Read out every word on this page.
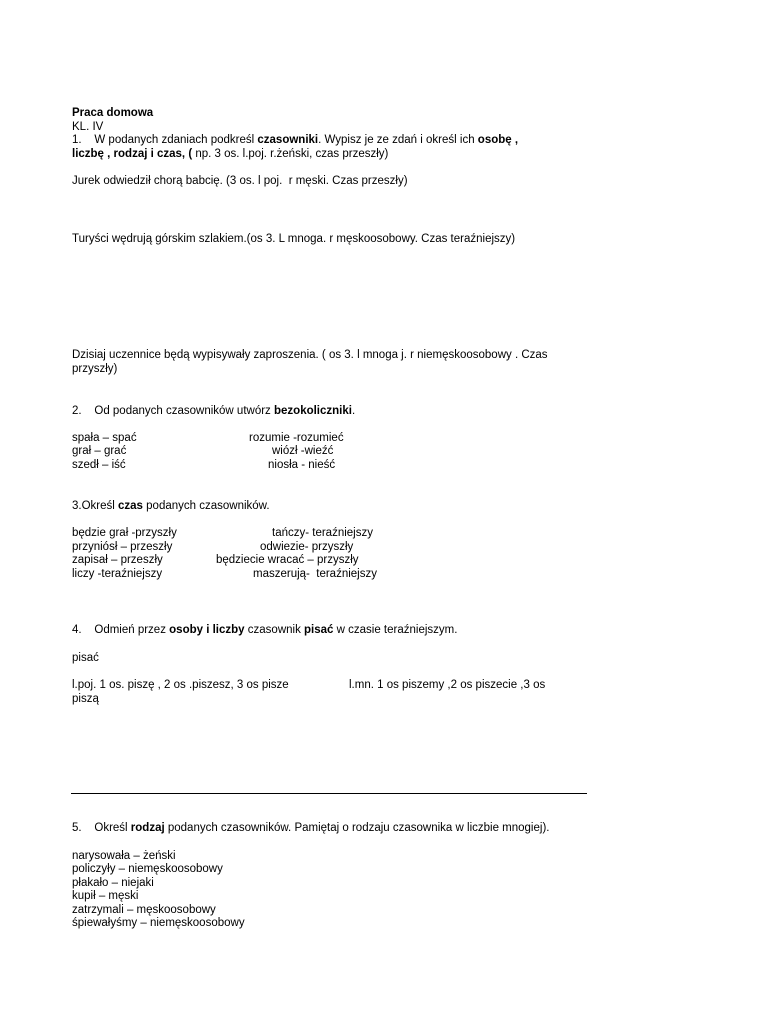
Praca domowa
KL. IV
1. W podanych zdaniach podkreśl czasowniki. Wypisz je ze zdań i określ ich osobę ,
liczbę , rodzaj i czas, ( np. 3 os. l.poj. r.żeński, czas przeszły)
Jurek odwiedził chorą babcię. (3 os. l poj.  r męski. Czas przeszły)
Turyści wędrują górskim szlakiem.(os 3. L mnoga. r męskoosobowy. Czas teraźniejszy)
Dzisiaj uczennice będą wypisywały zaproszenia. ( os 3. l mnoga j. r niemęskoosobowy . Czas
przyszły)
2. Od podanych czasowników utwórz bezokoliczniki.
spała – spać
grał – grać
szedł – iść
rozumie -rozumieć
wiózł -wieźć
niosła - nieść
3.Określ czas podanych czasowników.
będzie grał -przyszły
przyniósł – przeszły
zapisał – przeszły
liczy -teraźniejszy
tańczy- teraźniejszy
odwiezie- przyszły
będziecie wracać – przyszły
maszerują-  teraźniejszy
4. Odmień przez osoby i liczby czasownik pisać w czasie teraźniejszym.
pisać
l.poj. 1 os. piszę , 2 os .piszesz, 3 os pisze	l.mn. 1 os piszemy ,2 os piszecie ,3 os
piszą
5. Określ rodzaj podanych czasowników. Pamiętaj o rodzaju czasownika w liczbie mnogiej).
narysowała – żeński
policzyły – niemęskoosobowy
płakało – niejaki
kupił – męski
zatrzymali – męskoosobowy
śpiewałyśmy – niemęskoosobowy
